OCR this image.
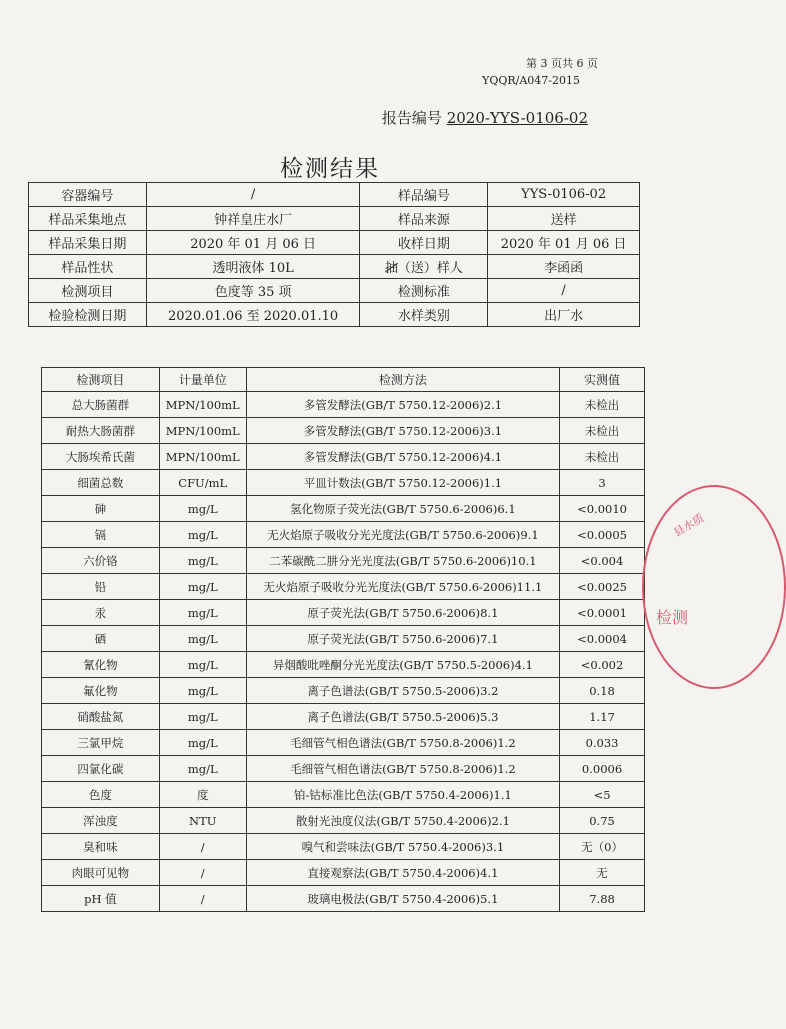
第 3 页共 6 页
YQQR/A047-2015
报告编号 2020-YYS-0106-02
检测结果
容器编号	/	样品编号	YYS-0106-02
样品采集地点	钟祥皇庄水厂	样品来源	送样
样品采集日期	2020 年 01 月 06 日	收样日期	2020 年 01 月 06 日
样品性状	透明液体 10L	抽（送）样人	李函函
检测项目	色度等 35 项	检测标准	/
检验检测日期	2020.01.06 至 2020.01.10	水样类别	出厂水
检测项目	计量单位	检测方法	实测值
总大肠菌群	MPN/100mL	多管发酵法(GB/T 5750.12-2006)2.1	未检出
耐热大肠菌群	MPN/100mL	多管发酵法(GB/T 5750.12-2006)3.1	未检出
大肠埃希氏菌	MPN/100mL	多管发酵法(GB/T 5750.12-2006)4.1	未检出
细菌总数	CFU/mL	平皿计数法(GB/T 5750.12-2006)1.1	3
砷	mg/L	氢化物原子荧光法(GB/T 5750.6-2006)6.1	<0.0010
镉	mg/L	无火焰原子吸收分光光度法(GB/T 5750.6-2006)9.1	<0.0005
六价铬	mg/L	二苯碳酰二肼分光光度法(GB/T 5750.6-2006)10.1	<0.004
铅	mg/L	无火焰原子吸收分光光度法(GB/T 5750.6-2006)11.1	<0.0025
汞	mg/L	原子荧光法(GB/T 5750.6-2006)8.1	<0.0001
硒	mg/L	原子荧光法(GB/T 5750.6-2006)7.1	<0.0004
氰化物	mg/L	异烟酸吡唑酮分光光度法(GB/T 5750.5-2006)4.1	<0.002
氟化物	mg/L	离子色谱法(GB/T 5750.5-2006)3.2	0.18
硝酸盐氮	mg/L	离子色谱法(GB/T 5750.5-2006)5.3	1.17
三氯甲烷	mg/L	毛细管气相色谱法(GB/T 5750.8-2006)1.2	0.033
四氯化碳	mg/L	毛细管气相色谱法(GB/T 5750.8-2006)1.2	0.0006
色度	度	铂-钴标准比色法(GB/T 5750.4-2006)1.1	<5
浑浊度	NTU	散射光浊度仪法(GB/T 5750.4-2006)2.1	0.75
臭和味	/	嗅气和尝味法(GB/T 5750.4-2006)3.1	无（0）
肉眼可见物	/	直接观察法(GB/T 5750.4-2006)4.1	无
pH 值	/	玻璃电极法(GB/T 5750.4-2006)5.1	7.88
县水质
检测
